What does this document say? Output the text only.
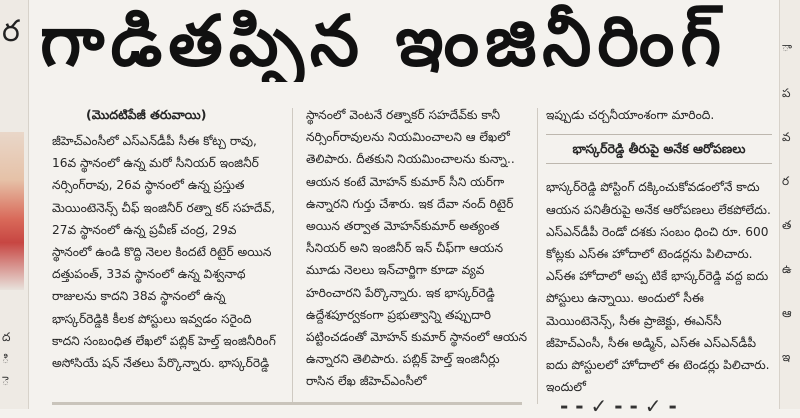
ర
ద
ి
ె
ా
ప
వ
ర
త
ఉ
ఆ
ఇ
గాడితప్పిన ఇంజినీరింగ్
(మొదటిపేజీ తరువాయి)

జీహెచ్‌ఎంసీలో ఎస్‌ఎన్‌డీపీ సీఈ కోట్చ రావు, 16వ స్థానంలో ఉన్న మరో సీనియర్ ఇంజినీర్ నర్సింగ్‌రావు, 26వ స్థానంలో ఉన్న ప్రస్తుత మెయింటెనెన్స్ చీఫ్ ఇంజినీర్ రత్నా కర్ సహదేవ్, 27వ స్థానంలో ఉన్న ప్రవీణ్ చంద్ర, 29వ స్థానంలో ఉండి కొద్ది నెలల కిందటే రిటైర్ అయిన దత్తుపంత్, 33వ స్థానంలో ఉన్న విశ్వనాథ రాజులను కాదని 38వ స్థానంలో ఉన్న భాస్కర్‌రెడ్డికి కీలక పోస్టులు ఇవ్వడం సరైంది కాదని సంబంధిత లేఖలో పబ్లిక్ హెల్త్ ఇంజినీరింగ్ అసోసియే షన్ నేతలు పేర్కొన్నారు. భాస్కర్‌రెడ్డి

స్థానంలో వెంటనే రత్నాకర్ సహదేవ్‌కు కానీ నర్సింగ్‌రావులను నియమించాలని ఆ లేఖలో తెలిపారు. దీతకుని నియమించాలను కున్నా.. ఆయన కంటే మోహన్ కుమార్ సీని యర్‌గా ఉన్నారని గుర్తు చేశారు. ఇక దేవా నంద్ రిటైర్ అయిన తర్వాత మోహన్‌కుమార్ అత్యంత సీనియర్ అని ఇంజినీర్ ఇన్ చీఫ్‌గా ఆయన మూడు నెలలు ఇన్‌చార్జిగా కూడా వ్యవ హరించారని పేర్కొన్నారు. ఇక భాస్కర్‌రెడ్డి ఉద్దేశపూర్వకంగా ప్రభుత్వాన్ని తప్పుదారి పట్టించడంతో మోహన్ కుమార్ స్థానంలో ఆయన ఉన్నారని తెలిపారు. పబ్లిక్ హెల్త్ ఇంజినీర్లు రాసిన లేఖ జీహెచ్‌ఎంసీలో

ఇప్పుడు చర్చనీయాంశంగా మారింది.

భాస్కర్‌రెడ్డి తీరుపై అనేక ఆరోపణలు

భాస్కర్‌రెడ్డి పోస్టింగ్ దక్కించుకోవడంలోనే కాదు ఆయన పనితీరుపై అనేక ఆరోపణలు లేకపోలేదు. ఎస్‌ఎన్‌డీపీ రెండో దశకు సంబం ధించి రూ. 600 కోట్లకు ఎస్‌ఈ హోదాలో టెండర్లను పిలిచారు. ఎస్‌ఈ హోదాలో అప్ప టికే భాస్కర్‌రెడ్డి వద్ద ఐదు పోస్టులు ఉన్నాయి. అందులో సీఈ మెయింటెనెన్స్, సీఈ ప్రాజెక్టు, ఈఎన్‌సీ జీహెచ్‌ఎంసీ, సీఈ అడ్మిన్, ఎస్‌ఈ ఎస్‌ఎన్‌డీపీ ఐదు పోస్టులలో హోదాలో ఈ టెండర్లు పిలిచారు. ఇందులో

- - ✓ - - ✓ -
